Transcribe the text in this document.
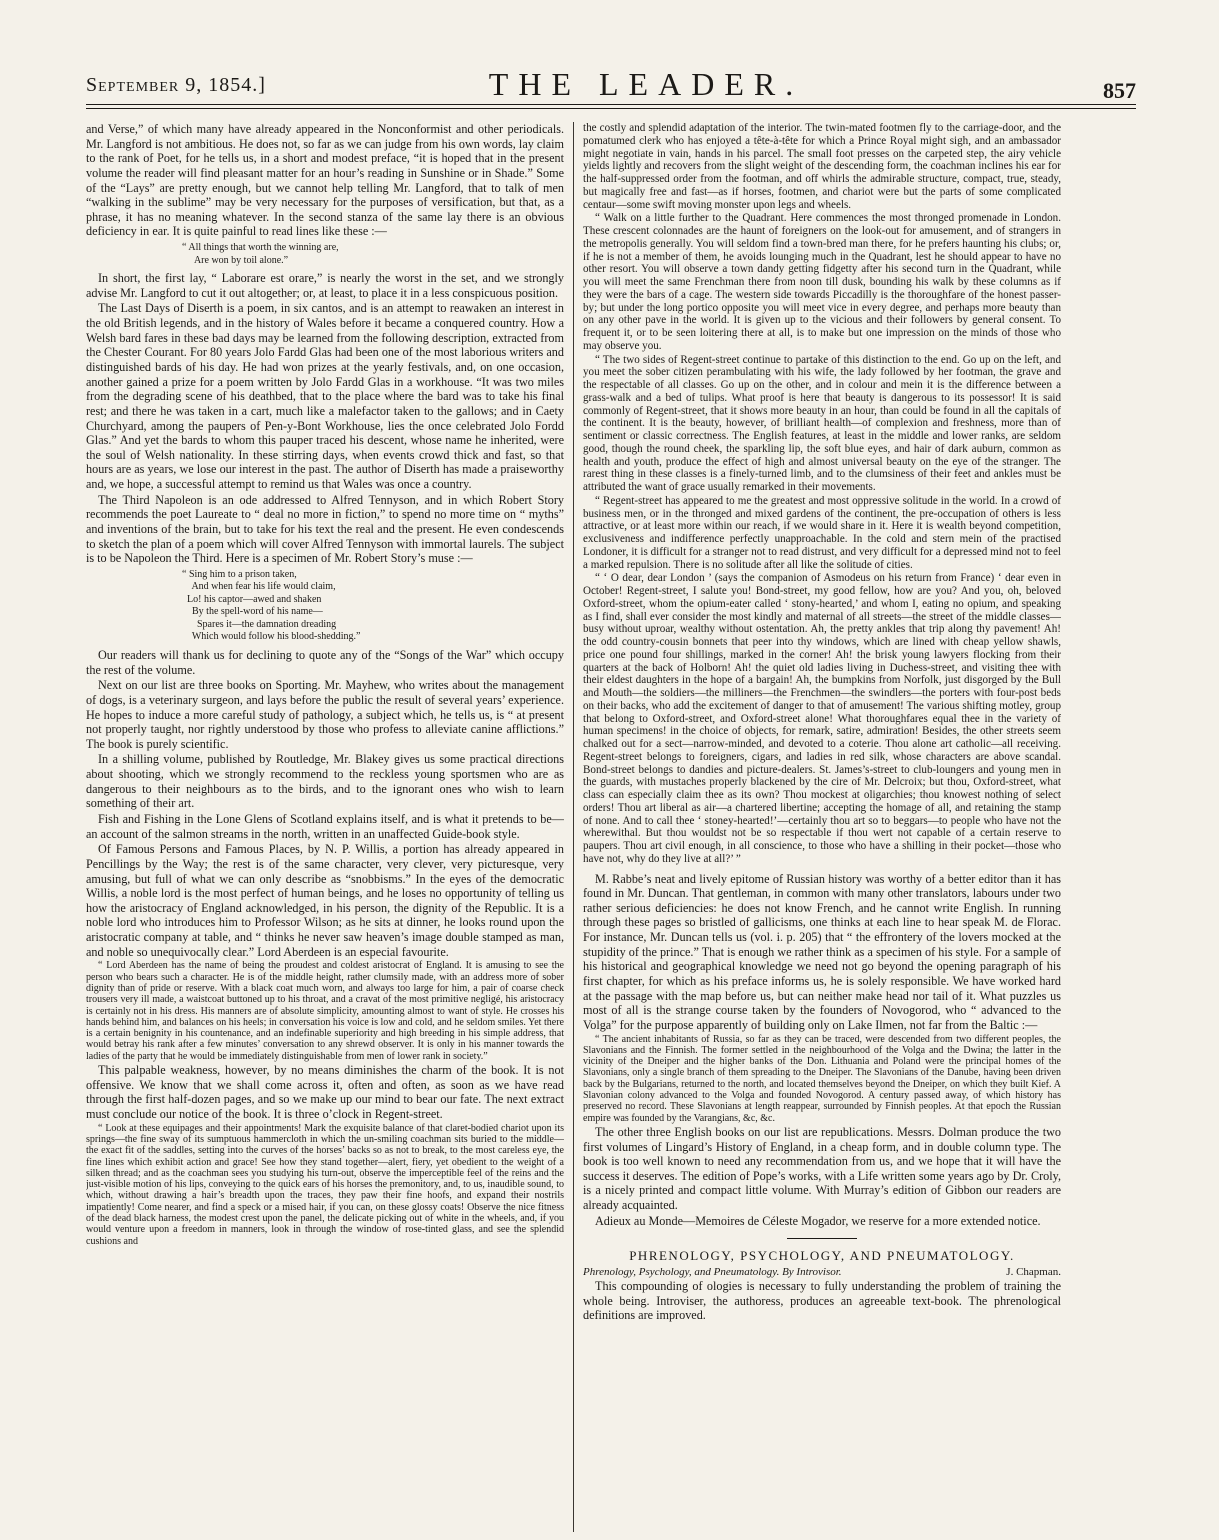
September 9, 1854.]	THE LEADER.	857

and Verse,” of which many have already appeared in the Nonconformist and other periodicals. Mr. Langford is not ambitious. He does not, so far as we can judge from his own words, lay claim to the rank of Poet, for he tells us, in a short and modest preface, “it is hoped that in the present volume the reader will find pleasant matter for an hour’s reading in Sunshine or in Shade.” Some of the “Lays” are pretty enough, but we cannot help telling Mr. Langford, that to talk of men “walking in the sublime” may be very necessary for the purposes of versification, but that, as a phrase, it has no meaning whatever. In the second stanza of the same lay there is an obvious deficiency in ear. It is quite painful to read lines like these :—

“ All things that worth the winning are,
Are won by toil alone.”

In short, the first lay, “ Laborare est orare,” is nearly the worst in the set, and we strongly advise Mr. Langford to cut it out altogether; or, at least, to place it in a less conspicuous position.

The Last Days of Diserth is a poem, in six cantos, and is an attempt to reawaken an interest in the old British legends, and in the history of Wales before it became a conquered country. How a Welsh bard fares in these bad days may be learned from the following description, extracted from the Chester Courant. For 80 years Jolo Fardd Glas had been one of the most laborious writers and distinguished bards of his day. He had won prizes at the yearly festivals, and, on one occasion, another gained a prize for a poem written by Jolo Fardd Glas in a workhouse. “It was two miles from the degrading scene of his deathbed, that to the place where the bard was to take his final rest; and there he was taken in a cart, much like a malefactor taken to the gallows; and in Caety Churchyard, among the paupers of Pen-y-Bont Workhouse, lies the once celebrated Jolo Fordd Glas.” And yet the bards to whom this pauper traced his descent, whose name he inherited, were the soul of Welsh nationality. In these stirring days, when events crowd thick and fast, so that hours are as years, we lose our interest in the past. The author of Diserth has made a praiseworthy and, we hope, a successful attempt to remind us that Wales was once a country.

The Third Napoleon is an ode addressed to Alfred Tennyson, and in which Robert Story recommends the poet Laureate to “ deal no more in fiction,” to spend no more time on “ myths” and inventions of the brain, but to take for his text the real and the present. He even condescends to sketch the plan of a poem which will cover Alfred Tennyson with immortal laurels. The subject is to be Napoleon the Third. Here is a specimen of Mr. Robert Story’s muse :—

“ Sing him to a prison taken,
And when fear his life would claim,
Lo! his captor—awed and shaken
By the spell-word of his name—
Spares it—the damnation dreading
Which would follow his blood-shedding.”

Our readers will thank us for declining to quote any of the “Songs of the War” which occupy the rest of the volume.

Next on our list are three books on Sporting. Mr. Mayhew, who writes about the management of dogs, is a veterinary surgeon, and lays before the public the result of several years’ experience. He hopes to induce a more careful study of pathology, a subject which, he tells us, is “ at present not properly taught, nor rightly understood by those who profess to alleviate canine afflictions.” The book is purely scientific.

In a shilling volume, published by Routledge, Mr. Blakey gives us some practical directions about shooting, which we strongly recommend to the reckless young sportsmen who are as dangerous to their neighbours as to the birds, and to the ignorant ones who wish to learn something of their art.

Fish and Fishing in the Lone Glens of Scotland explains itself, and is what it pretends to be—an account of the salmon streams in the north, written in an unaffected Guide-book style.

Of Famous Persons and Famous Places, by N. P. Willis, a portion has already appeared in Pencillings by the Way; the rest is of the same character, very clever, very picturesque, very amusing, but full of what we can only describe as “snobbisms.” In the eyes of the democratic Willis, a noble lord is the most perfect of human beings, and he loses no opportunity of telling us how the aristocracy of England acknowledged, in his person, the dignity of the Republic. It is a noble lord who introduces him to Professor Wilson; as he sits at dinner, he looks round upon the aristocratic company at table, and “ thinks he never saw heaven’s image double stamped as man, and noble so unequivocally clear.” Lord Aberdeen is an especial favourite.

“ Lord Aberdeen has the name of being the proudest and coldest aristocrat of England. It is amusing to see the person who bears such a character. He is of the middle height, rather clumsily made, with an address more of sober dignity than of pride or reserve. With a black coat much worn, and always too large for him, a pair of coarse check trousers very ill made, a waistcoat buttoned up to his throat, and a cravat of the most primitive negligé, his aristocracy is certainly not in his dress. His manners are of absolute simplicity, amounting almost to want of style. He crosses his hands behind him, and balances on his heels; in conversation his voice is low and cold, and he seldom smiles. Yet there is a certain benignity in his countenance, and an indefinable superiority and high breeding in his simple address, that would betray his rank after a few minutes’ conversation to any shrewd observer. It is only in his manner towards the ladies of the party that he would be immediately distinguishable from men of lower rank in society.”

This palpable weakness, however, by no means diminishes the charm of the book. It is not offensive. We know that we shall come across it, often and often, as soon as we have read through the first half-dozen pages, and so we make up our mind to bear our fate. The next extract must conclude our notice of the book. It is three o’clock in Regent-street.

“ Look at these equipages and their appointments! Mark the exquisite balance of that claret-bodied chariot upon its springs—the fine sway of its sumptuous hammercloth in which the un-smiling coachman sits buried to the middle—the exact fit of the saddles, setting into the curves of the horses’ backs so as not to break, to the most careless eye, the fine lines which exhibit action and grace! See how they stand together—alert, fiery, yet obedient to the weight of a silken thread; and as the coachman sees you studying his turn-out, observe the imperceptible feel of the reins and the just-visible motion of his lips, conveying to the quick ears of his horses the premonitory, and, to us, inaudible sound, to which, without drawing a hair’s breadth upon the traces, they paw their fine hoofs, and expand their nostrils impatiently! Come nearer, and find a speck or a mised hair, if you can, on these glossy coats! Observe the nice fitness of the dead black harness, the modest crest upon the panel, the delicate picking out of white in the wheels, and, if you would venture upon a freedom in manners, look in through the window of rose-tinted glass, and see the splendid cushions and

the costly and splendid adaptation of the interior. The twin-mated footmen fly to the carriage-door, and the pomatumed clerk who has enjoyed a tête-à-tête for which a Prince Royal might sigh, and an ambassador might negotiate in vain, hands in his parcel. The small foot presses on the carpeted step, the airy vehicle yields lightly and recovers from the slight weight of the descending form, the coachman inclines his ear for the half-suppressed order from the footman, and off whirls the admirable structure, compact, true, steady, but magically free and fast—as if horses, footmen, and chariot were but the parts of some complicated centaur—some swift moving monster upon legs and wheels.

“ Walk on a little further to the Quadrant. Here commences the most thronged promenade in London. These crescent colonnades are the haunt of foreigners on the look-out for amusement, and of strangers in the metropolis generally. You will seldom find a town-bred man there, for he prefers haunting his clubs; or, if he is not a member of them, he avoids lounging much in the Quadrant, lest he should appear to have no other resort. You will observe a town dandy getting fidgetty after his second turn in the Quadrant, while you will meet the same Frenchman there from noon till dusk, bounding his walk by these columns as if they were the bars of a cage. The western side towards Piccadilly is the thoroughfare of the honest passer-by; but under the long portico opposite you will meet vice in every degree, and perhaps more beauty than on any other pave in the world. It is given up to the vicious and their followers by general consent. To frequent it, or to be seen loitering there at all, is to make but one impression on the minds of those who may observe you.

“ The two sides of Regent-street continue to partake of this distinction to the end. Go up on the left, and you meet the sober citizen perambulating with his wife, the lady followed by her footman, the grave and the respectable of all classes. Go up on the other, and in colour and mein it is the difference between a grass-walk and a bed of tulips. What proof is here that beauty is dangerous to its possessor! It is said commonly of Regent-street, that it shows more beauty in an hour, than could be found in all the capitals of the continent. It is the beauty, however, of brilliant health—of complexion and freshness, more than of sentiment or classic correctness. The English features, at least in the middle and lower ranks, are seldom good, though the round cheek, the sparkling lip, the soft blue eyes, and hair of dark auburn, common as health and youth, produce the effect of high and almost universal beauty on the eye of the stranger. The rarest thing in these classes is a finely-turned limb, and to the clumsiness of their feet and ankles must be attributed the want of grace usually remarked in their movements.

“ Regent-street has appeared to me the greatest and most oppressive solitude in the world. In a crowd of business men, or in the thronged and mixed gardens of the continent, the pre-occupation of others is less attractive, or at least more within our reach, if we would share in it. Here it is wealth beyond competition, exclusiveness and indifference perfectly unapproachable. In the cold and stern mein of the practised Londoner, it is difficult for a stranger not to read distrust, and very difficult for a depressed mind not to feel a marked repulsion. There is no solitude after all like the solitude of cities.

“ ‘ O dear, dear London ’ (says the companion of Asmodeus on his return from France) ‘ dear even in October! Regent-street, I salute you! Bond-street, my good fellow, how are you? And you, oh, beloved Oxford-street, whom the opium-eater called ‘ stony-hearted,’ and whom I, eating no opium, and speaking as I find, shall ever consider the most kindly and maternal of all streets—the street of the middle classes—busy without uproar, wealthy without ostentation. Ah, the pretty ankles that trip along thy pavement! Ah! the odd country-cousin bonnets that peer into thy windows, which are lined with cheap yellow shawls, price one pound four shillings, marked in the corner! Ah! the brisk young lawyers flocking from their quarters at the back of Holborn! Ah! the quiet old ladies living in Duchess-street, and visiting thee with their eldest daughters in the hope of a bargain! Ah, the bumpkins from Norfolk, just disgorged by the Bull and Mouth—the soldiers—the milliners—the Frenchmen—the swindlers—the porters with four-post beds on their backs, who add the excitement of danger to that of amusement! The various shifting motley, group that belong to Oxford-street, and Oxford-street alone! What thoroughfares equal thee in the variety of human specimens! in the choice of objects, for remark, satire, admiration! Besides, the other streets seem chalked out for a sect—narrow-minded, and devoted to a coterie. Thou alone art catholic—all receiving. Regent-street belongs to foreigners, cigars, and ladies in red silk, whose characters are above scandal. Bond-street belongs to dandies and picture-dealers. St. James’s-street to club-loungers and young men in the guards, with mustaches properly blackened by the cire of Mr. Delcroix; but thou, Oxford-street, what class can especially claim thee as its own? Thou mockest at oligarchies; thou knowest nothing of select orders! Thou art liberal as air—a chartered libertine; accepting the homage of all, and retaining the stamp of none. And to call thee ‘ stoney-hearted!’—certainly thou art so to beggars—to people who have not the wherewithal. But thou wouldst not be so respectable if thou wert not capable of a certain reserve to paupers. Thou art civil enough, in all conscience, to those who have a shilling in their pocket—those who have not, why do they live at all?’ ”

M. Rabbe’s neat and lively epitome of Russian history was worthy of a better editor than it has found in Mr. Duncan. That gentleman, in common with many other translators, labours under two rather serious deficiencies: he does not know French, and he cannot write English. In running through these pages so bristled of gallicisms, one thinks at each line to hear speak M. de Florac. For instance, Mr. Duncan tells us (vol. i. p. 205) that “ the effrontery of the lovers mocked at the stupidity of the prince.” That is enough we rather think as a specimen of his style. For a sample of his historical and geographical knowledge we need not go beyond the opening paragraph of his first chapter, for which as his preface informs us, he is solely responsible. We have worked hard at the passage with the map before us, but can neither make head nor tail of it. What puzzles us most of all is the strange course taken by the founders of Novogorod, who “ advanced to the Volga” for the purpose apparently of building only on Lake Ilmen, not far from the Baltic :—

“ The ancient inhabitants of Russia, so far as they can be traced, were descended from two different peoples, the Slavonians and the Finnish. The former settled in the neighbourhood of the Volga and the Dwina; the latter in the vicinity of the Dneiper and the higher banks of the Don. Lithuania and Poland were the principal homes of the Slavonians, only a single branch of them spreading to the Dneiper. The Slavonians of the Danube, having been driven back by the Bulgarians, returned to the north, and located themselves beyond the Dneiper, on which they built Kief. A Slavonian colony advanced to the Volga and founded Novogorod. A century passed away, of which history has preserved no record. These Slavonians at length reappear, surrounded by Finnish peoples. At that epoch the Russian empire was founded by the Varangians, &c, &c.

The other three English books on our list are republications. Messrs. Dolman produce the two first volumes of Lingard’s History of England, in a cheap form, and in double column type. The book is too well known to need any recommendation from us, and we hope that it will have the success it deserves. The edition of Pope’s works, with a Life written some years ago by Dr. Croly, is a nicely printed and compact little volume. With Murray’s edition of Gibbon our readers are already acquainted.

Adieux au Monde—Memoires de Céleste Mogador, we reserve for a more extended notice.

PHRENOLOGY, PSYCHOLOGY, AND PNEUMATOLOGY.
Phrenology, Psychology, and Pneumatology. By Introvisor.	J. Chapman.

This compounding of ologies is necessary to fully understanding the problem of training the whole being. Introviser, the authoress, produces an agreeable text-book. The phrenological definitions are improved.
